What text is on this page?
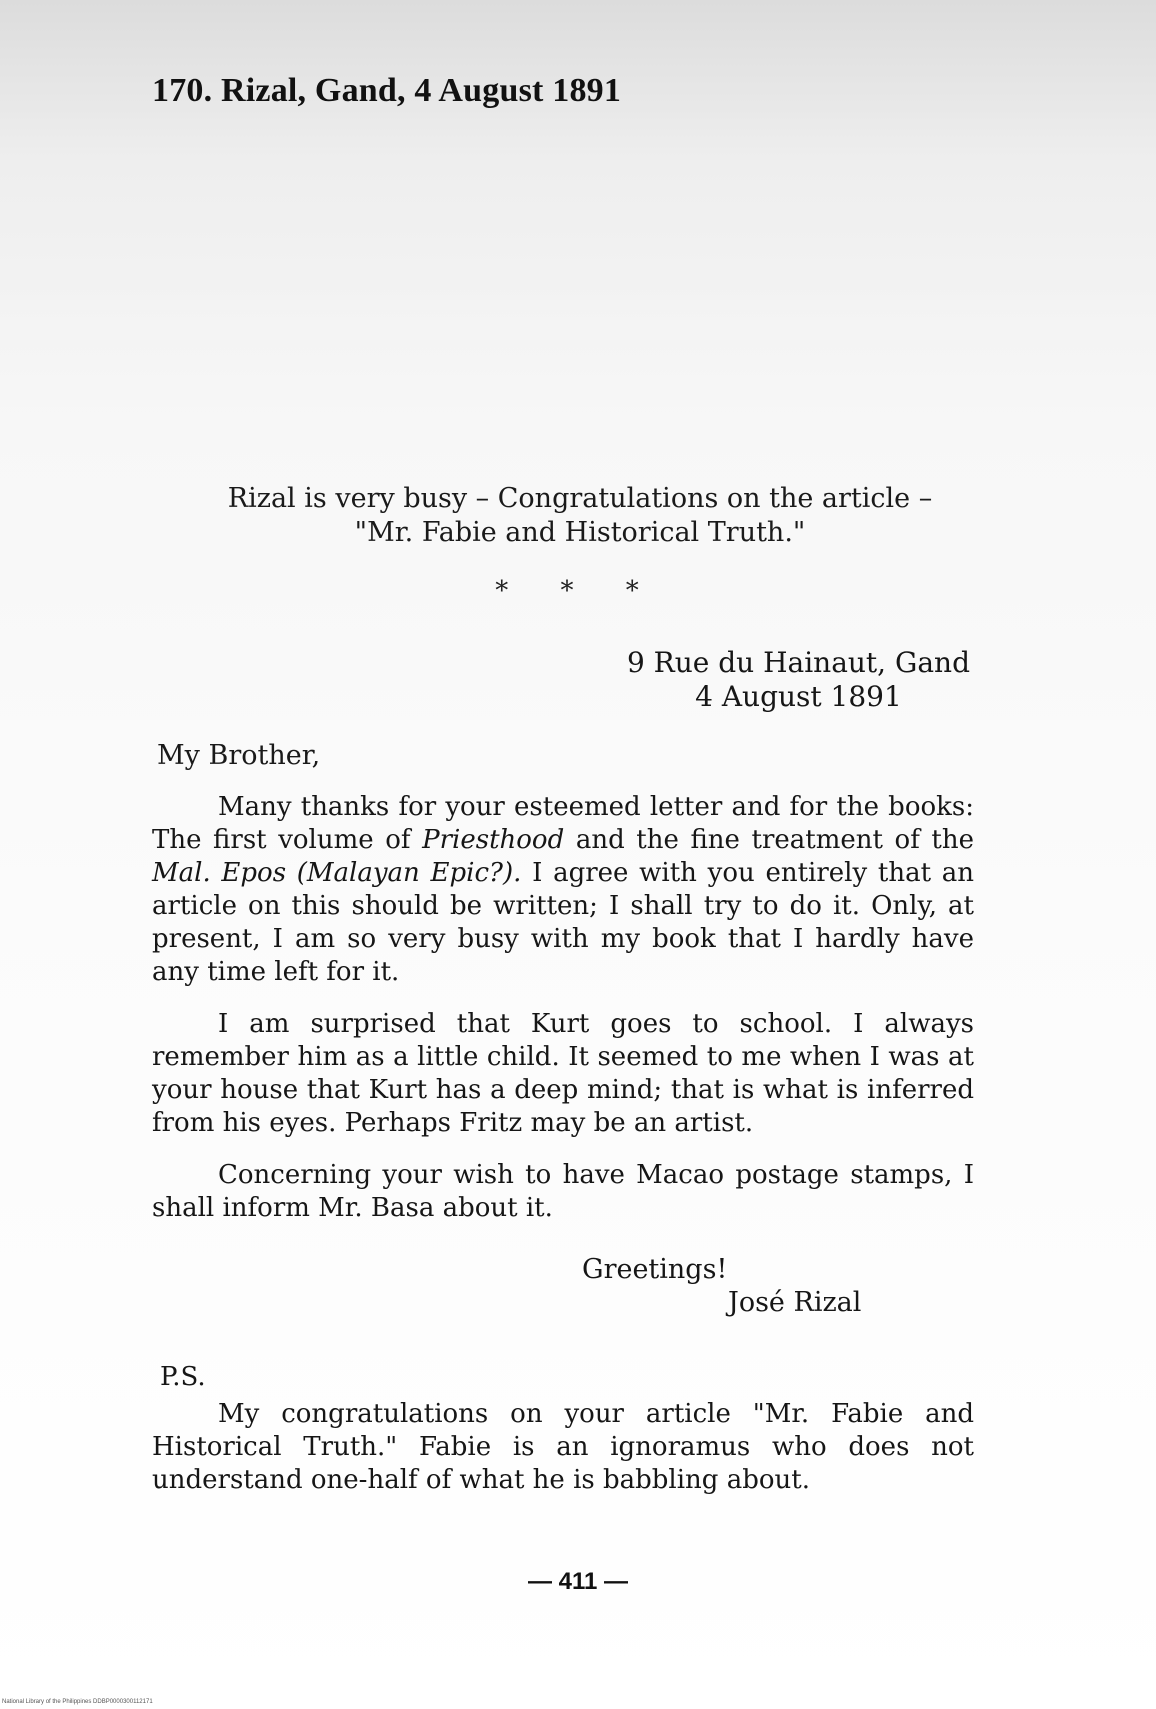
170. Rizal, Gand, 4 August 1891
Rizal is very busy – Congratulations on the article –
"Mr. Fabie and Historical Truth."
* * *
9 Rue du Hainaut, Gand
4 August 1891
My Brother,

Many thanks for your esteemed letter and for the books: The first volume of Priesthood and the fine treatment of the Mal. Epos (Malayan Epic?). I agree with you entirely that an article on this should be written; I shall try to do it. Only, at present, I am so very busy with my book that I hardly have any time left for it.

I am surprised that Kurt goes to school. I always remember him as a little child. It seemed to me when I was at your house that Kurt has a deep mind; that is what is inferred from his eyes. Perhaps Fritz may be an artist.

Concerning your wish to have Macao postage stamps, I shall inform Mr. Basa about it.

Greetings!
José Rizal
P.S.

My congratulations on your article "Mr. Fabie and Historical Truth." Fabie is an ignoramus who does not understand one-half of what he is babbling about.

— 411 —
National Library of the Philippines DDBP0000300112171
